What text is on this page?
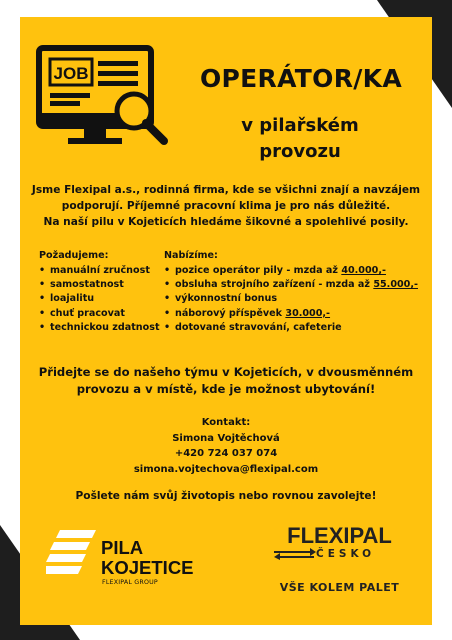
JOB	OPERÁTOR/KA
v pilařském
provozu
Jsme Flexipal a.s., rodinná firma, kde se všichni znají a navzájem
podporují. Příjemné pracovní klima je pro nás důležité.
Na naší pilu v Kojeticích hledáme šikovné a spolehlivé posily.
Požadujeme:
• manuální zručnost
• samostatnost
• loajalitu
• chuť pracovat
• technickou zdatnost
Nabízíme:
• pozice operátor pily - mzda až 40.000,-
• obsluha strojního zařízení - mzda až 55.000,-
• výkonnostní bonus
• náborový příspěvek 30.000,-
• dotované stravování, cafeterie
Přidejte se do našeho týmu v Kojeticích, v dvousměnném
provozu a v místě, kde je možnost ubytování!
Kontakt:
Simona Vojtěchová
+420 724 037 074
simona.vojtechova@flexipal.com
Pošlete nám svůj životopis nebo rovnou zavolejte!
PILA
KOJETICE
FLEXIPAL GROUP
FLEXIPAL
ČESKO
VŠE KOLEM PALET
